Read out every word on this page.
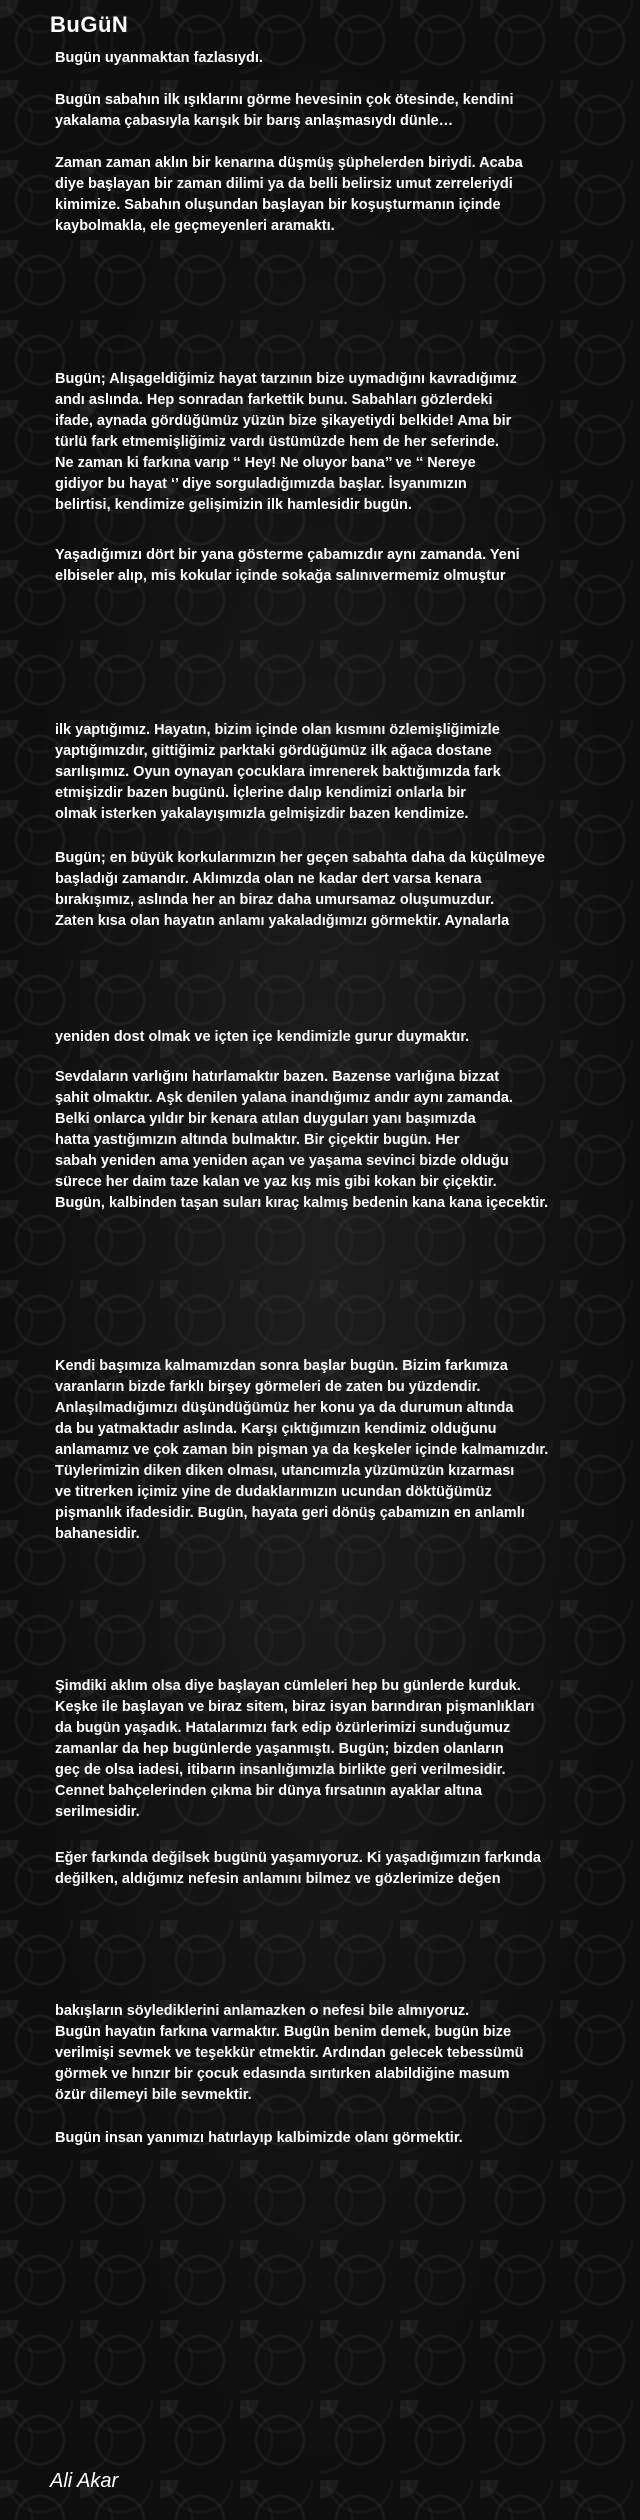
BuGüN

Bugün uyanmaktan fazlasıydı.

Bugün sabahın ilk ışıklarını görme hevesinin çok ötesinde, kendini
yakalama çabasıyla karışık bir barış anlaşmasıydı dünle…

Zaman zaman aklın bir kenarına düşmüş şüphelerden biriydi. Acaba
diye başlayan bir zaman dilimi ya da belli belirsiz umut zerreleriydi
kimimize. Sabahın oluşundan başlayan bir koşuşturmanın içinde
kaybolmakla, ele geçmeyenleri aramaktı.

Bugün; Alışageldiğimiz hayat tarzının bize uymadığını kavradığımız
andı aslında. Hep sonradan farkettik bunu. Sabahları gözlerdeki
ifade, aynada gördüğümüz yüzün bize şikayetiydi belkide! Ama bir
türlü fark etmemişliğimiz vardı üstümüzde hem de her seferinde.
Ne zaman ki farkına varıp ‘‘ Hey! Ne oluyor bana’’ ve ‘‘ Nereye
gidiyor bu hayat ‘’ diye sorguladığımızda başlar. İsyanımızın
belirtisi, kendimize gelişimizin ilk hamlesidir bugün.

Yaşadığımızı dört bir yana gösterme çabamızdır aynı zamanda. Yeni
elbiseler alıp, mis kokular içinde sokağa salınıvermemiz olmuştur

ilk yaptığımız. Hayatın, bizim içinde olan kısmını özlemişliğimizle
yaptığımızdır, gittiğimiz parktaki gördüğümüz ilk ağaca dostane
sarılışımız. Oyun oynayan çocuklara imrenerek baktığımızda fark
etmişizdir bazen bugünü. İçlerine dalıp kendimizi onlarla bir
olmak isterken yakalayışımızla gelmişizdir bazen kendimize.

Bugün; en büyük korkularımızın her geçen sabahta daha da küçülmeye
başladığı zamandır. Aklımızda olan ne kadar dert varsa kenara
bırakışımız, aslında her an biraz daha umursamaz oluşumuzdur.
Zaten kısa olan hayatın anlamı yakaladığımızı görmektir. Aynalarla

yeniden dost olmak ve içten içe kendimizle gurur duymaktır.

Sevdaların varlığını hatırlamaktır bazen. Bazense varlığına bizzat
şahit olmaktır. Aşk denilen yalana inandığımız andır aynı zamanda.
Belki onlarca yıldır bir kenara atılan duyguları yanı başımızda
hatta yastığımızın altında bulmaktır. Bir çiçektir bugün. Her
sabah yeniden ama yeniden açan ve yaşama sevinci bizde olduğu
sürece her daim taze kalan ve yaz kış mis gibi kokan bir çiçektir.
Bugün, kalbinden taşan suları kıraç kalmış bedenin kana kana içecektir.

Kendi başımıza kalmamızdan sonra başlar bugün. Bizim farkımıza
varanların bizde farklı birşey görmeleri de zaten bu yüzdendir.
Anlaşılmadığımızı düşündüğümüz her konu ya da durumun altında
da bu yatmaktadır aslında. Karşı çıktığımızın kendimiz olduğunu
anlamamız ve çok zaman bin pişman ya da keşkeler içinde kalmamızdır.
Tüylerimizin diken diken olması, utancımızla yüzümüzün kızarması
ve titrerken içimiz yine de dudaklarımızın ucundan döktüğümüz
pişmanlık ifadesidir. Bugün, hayata geri dönüş çabamızın en anlamlı
bahanesidir.

Şimdiki aklım olsa diye başlayan cümleleri hep bu günlerde kurduk.
Keşke ile başlayan ve biraz sitem, biraz isyan barındıran pişmanlıkları
da bugün yaşadık. Hatalarımızı fark edip özürlerimizi sunduğumuz
zamanlar da hep bugünlerde yaşanmıştı. Bugün; bizden olanların
geç de olsa iadesi, itibarın insanlığımızla birlikte geri verilmesidir.
Cennet bahçelerinden çıkma bir dünya fırsatının ayaklar altına
serilmesidir.

Eğer farkında değilsek bugünü yaşamıyoruz. Ki yaşadığımızın farkında
değilken, aldığımız nefesin anlamını bilmez ve gözlerimize değen

bakışların söylediklerini anlamazken o nefesi bile almıyoruz.
Bugün hayatın farkına varmaktır. Bugün benim demek, bugün bize
verilmişi sevmek ve teşekkür etmektir. Ardından gelecek tebessümü
görmek ve hınzır bir çocuk edasında sırıtırken alabildiğine masum
özür dilemeyi bile sevmektir.

Bugün insan yanımızı hatırlayıp kalbimizde olanı görmektir.

Ali Akar
